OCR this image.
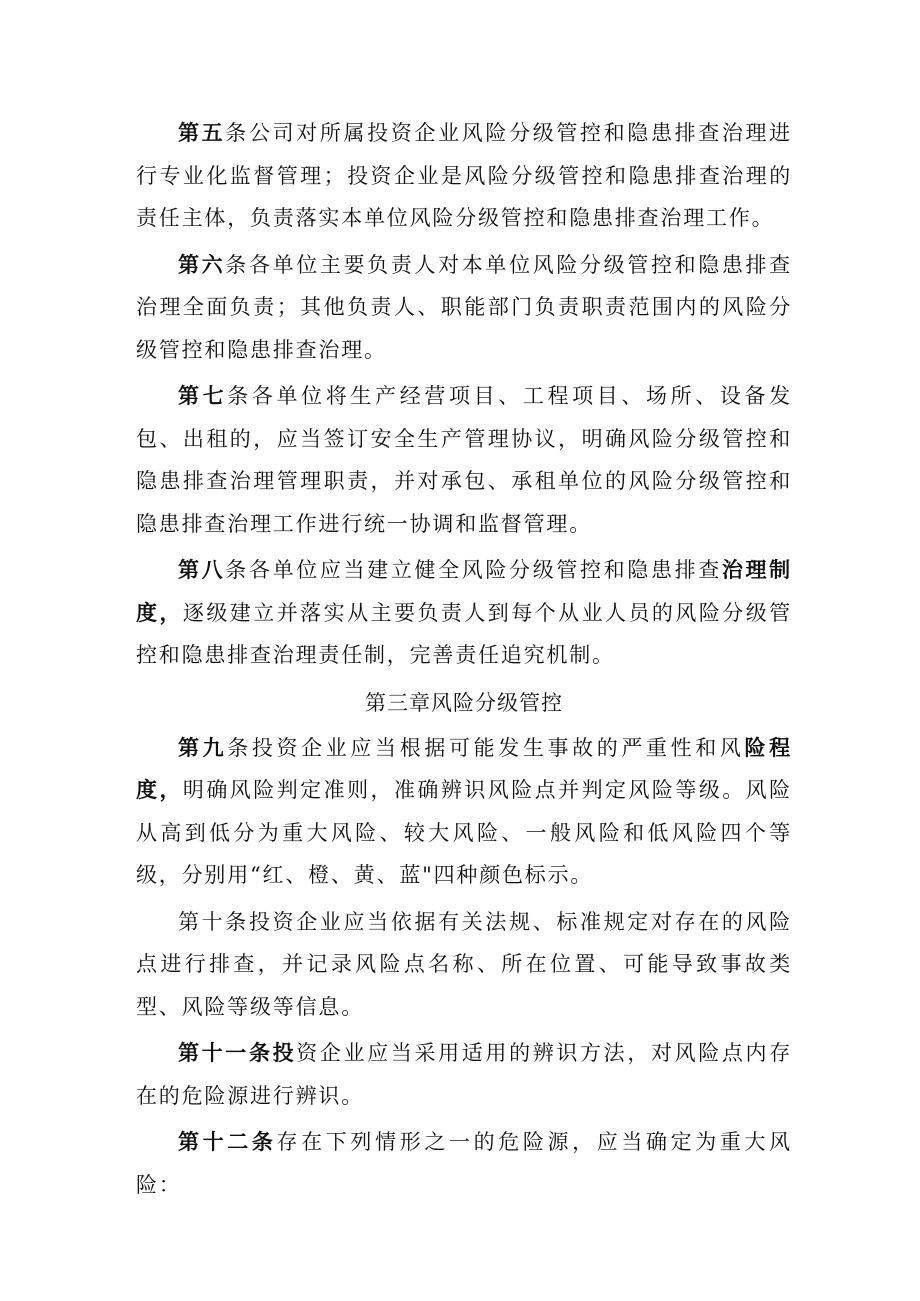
第五条公司对所属投资企业风险分级管控和隐患排查治理进行专业化监督管理；投资企业是风险分级管控和隐患排查治理的责任主体，负责落实本单位风险分级管控和隐患排查治理工作。

第六条各单位主要负责人对本单位风险分级管控和隐患排查治理全面负责；其他负责人、职能部门负责职责范围内的风险分级管控和隐患排查治理。

第七条各单位将生产经营项目、工程项目、场所、设备发包、出租的，应当签订安全生产管理协议，明确风险分级管控和隐患排查治理管理职责，并对承包、承租单位的风险分级管控和隐患排查治理工作进行统一协调和监督管理。

第八条各单位应当建立健全风险分级管控和隐患排查治理制度，逐级建立并落实从主要负责人到每个从业人员的风险分级管控和隐患排查治理责任制，完善责任追究机制。

第三章风险分级管控

第九条投资企业应当根据可能发生事故的严重性和风险程度，明确风险判定准则，准确辨识风险点并判定风险等级。风险从高到低分为重大风险、较大风险、一般风险和低风险四个等级，分别用“红、橙、黄、蓝"四种颜色标示。

第十条投资企业应当依据有关法规、标准规定对存在的风险点进行排查，并记录风险点名称、所在位置、可能导致事故类型、风险等级等信息。

第十一条投资企业应当采用适用的辨识方法，对风险点内存在的危险源进行辨识。

第十二条存在下列情形之一的危险源，应当确定为重大风险：
